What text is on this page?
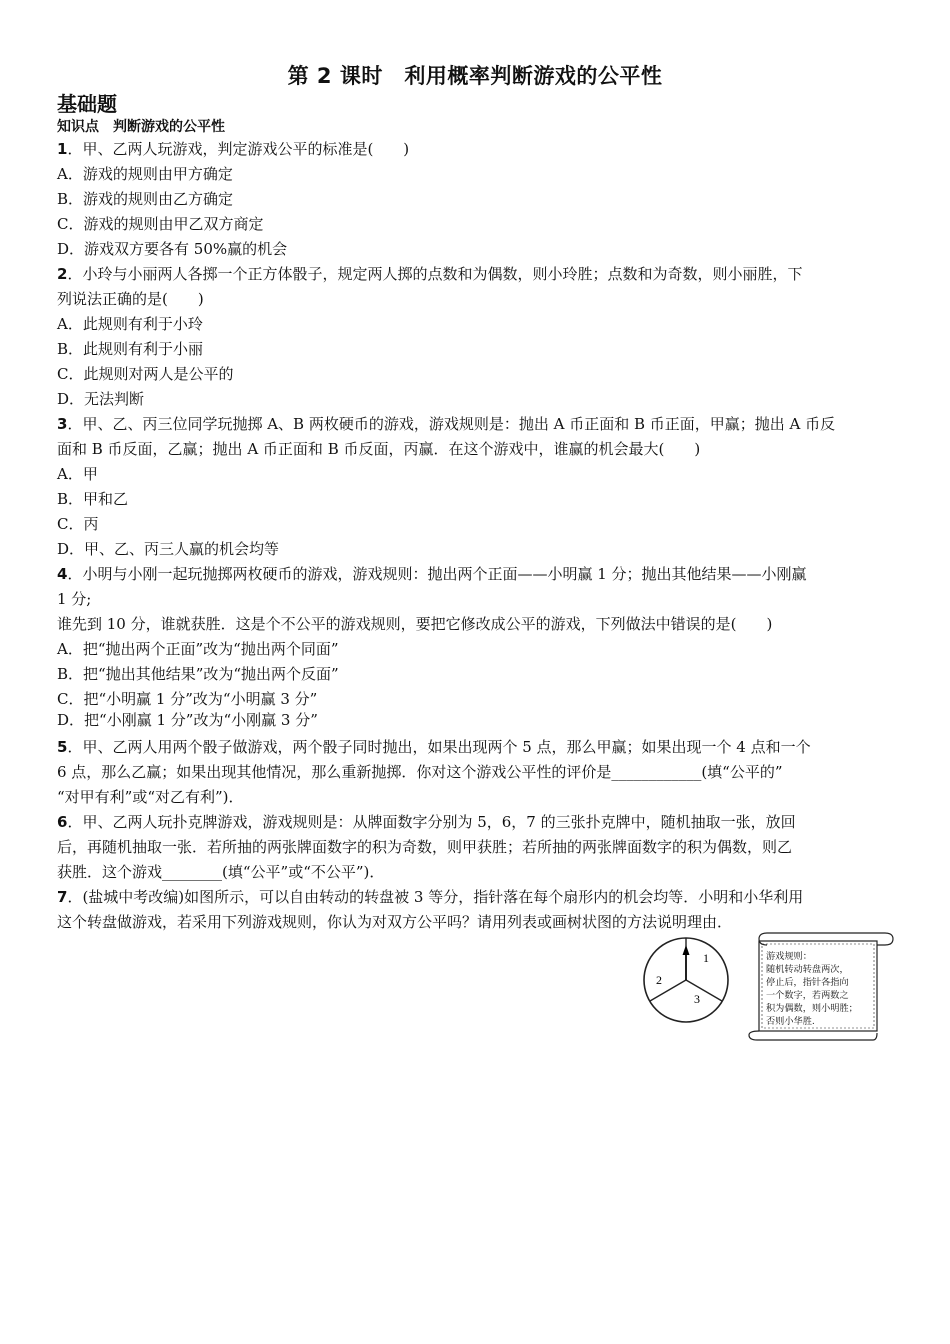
第 2 课时　利用概率判断游戏的公平性
基础题
知识点　判断游戏的公平性
1．甲、乙两人玩游戏，判定游戏公平的标准是(　　)
A．游戏的规则由甲方确定
B．游戏的规则由乙方确定
C．游戏的规则由甲乙双方商定
D．游戏双方要各有 50%赢的机会
2．小玲与小丽两人各掷一个正方体骰子，规定两人掷的点数和为偶数，则小玲胜；点数和为奇数，则小丽胜，下
列说法正确的是(　　)
A．此规则有利于小玲
B．此规则有利于小丽
C．此规则对两人是公平的
D．无法判断
3．甲、乙、丙三位同学玩抛掷 A、B 两枚硬币的游戏，游戏规则是：抛出 A 币正面和 B 币正面，甲赢；抛出 A 币反
面和 B 币反面，乙赢；抛出 A 币正面和 B 币反面，丙赢．在这个游戏中，谁赢的机会最大(　　)
A．甲
B．甲和乙
C．丙
D．甲、乙、丙三人赢的机会均等
4．小明与小刚一起玩抛掷两枚硬币的游戏，游戏规则：抛出两个正面——小明赢 1 分；抛出其他结果——小刚赢
1 分;
谁先到 10 分，谁就获胜．这是个不公平的游戏规则，要把它修改成公平的游戏，下列做法中错误的是(　　)
A．把“抛出两个正面”改为“抛出两个同面”
B．把“抛出其他结果”改为“抛出两个反面”
C．把“小明赢 1 分”改为“小明赢 3 分”
D．把“小刚赢 1 分”改为“小刚赢 3 分”
5．甲、乙两人用两个骰子做游戏，两个骰子同时抛出，如果出现两个 5 点，那么甲赢；如果出现一个 4 点和一个
6 点，那么乙赢；如果出现其他情况，那么重新抛掷．你对这个游戏公平性的评价是____________(填“公平的”
“对甲有利”或“对乙有利”)．
6．甲、乙两人玩扑克牌游戏，游戏规则是：从牌面数字分别为 5，6，7 的三张扑克牌中，随机抽取一张，放回
后，再随机抽取一张．若所抽的两张牌面数字的积为奇数，则甲获胜；若所抽的两张牌面数字的积为偶数，则乙
获胜．这个游戏________(填“公平”或“不公平”)．
7．(盐城中考改编)如图所示，可以自由转动的转盘被 3 等分，指针落在每个扇形内的机会均等．小明和小华利用
这个转盘做游戏，若采用下列游戏规则，你认为对双方公平吗？请用列表或画树状图的方法说明理由．
1
2
3
游戏规则：
随机转动转盘两次，
停止后，指针各指向
一个数字，若两数之
积为偶数，则小明胜；
否则小华胜.
